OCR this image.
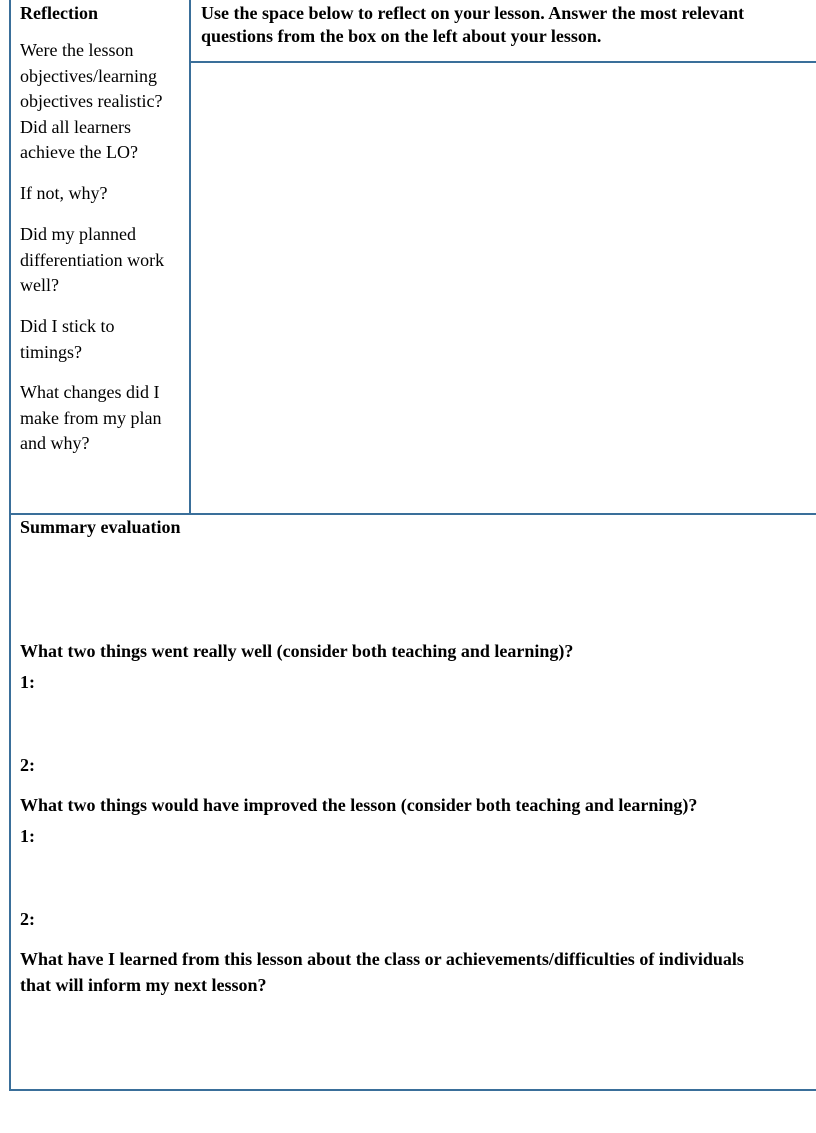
Reflection

Were the lesson
objectives/learning
objectives realistic?
Did all learners
achieve the LO?

If not, why?

Did my planned
differentiation work
well?

Did I stick to
timings?

What changes did I
make from my plan
and why?

Use the space below to reflect on your lesson. Answer the most relevant

questions from the box on the left about your lesson.

Summary evaluation

What two things went really well (consider both teaching and learning)?

1:

2:

What two things would have improved the lesson (consider both teaching and learning)?

1:

2:

What have I learned from this lesson about the class or achievements/difficulties of individuals

that will inform my next lesson?
